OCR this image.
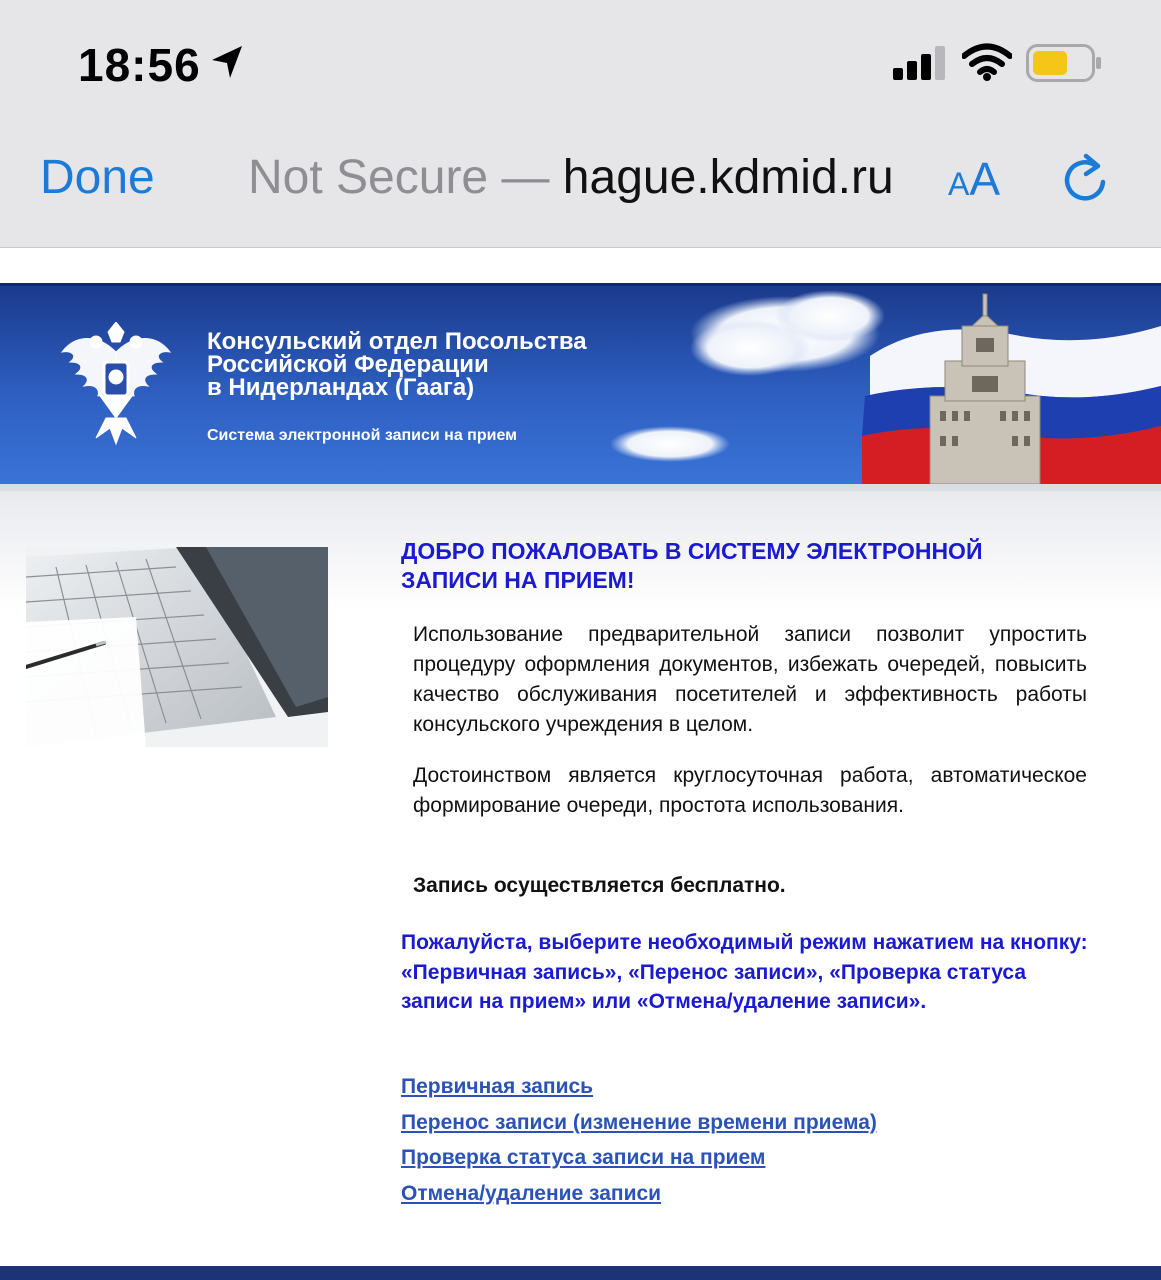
18:56
Done Not Secure — hague.kdmid.ru AA
Консульский отдел Посольства
Российской Федерации
в Нидерландах (Гаага)
Система электронной записи на прием
ДОБРО ПОЖАЛОВАТЬ В СИСТЕМУ ЭЛЕКТРОННОЙ ЗАПИСИ НА ПРИЕМ!
Использование предварительной записи позволит упростить процедуру оформления документов, избежать очередей, повысить качество обслуживания посетителей и эффективность работы консульского учреждения в целом.
Достоинством является круглосуточная работа, автоматическое формирование очереди, простота использования.
Запись осуществляется бесплатно.
Пожалуйста, выберите необходимый режим нажатием на кнопку: «Первичная запись», «Перенос записи», «Проверка статуса записи на прием» или «Отмена/удаление записи».
Первичная запись
Перенос записи (изменение времени приема)
Проверка статуса записи на прием
Отмена/удаление записи
